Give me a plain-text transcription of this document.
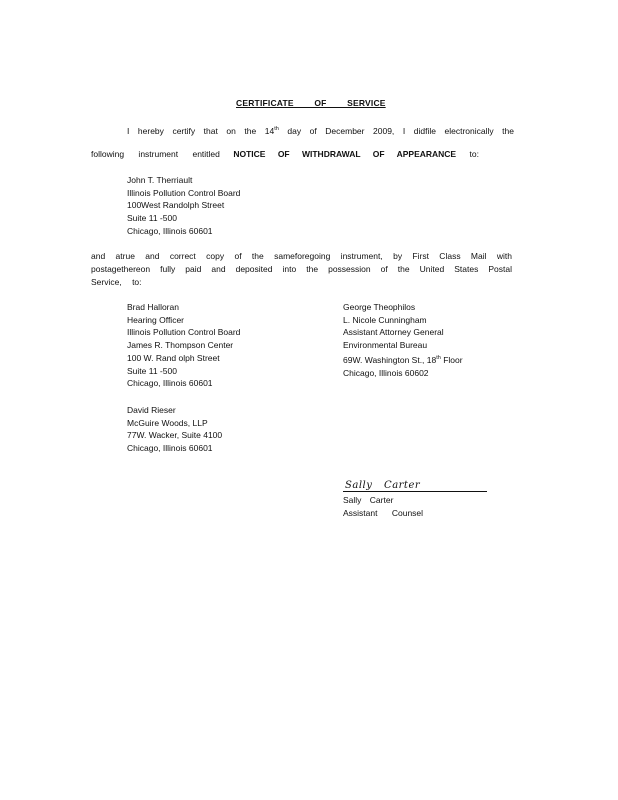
CERTIFICATE OF SERVICE
I hereby certify that on the 14th day of December 2009, I didfile electronically the
following instrument entitled NOTICE OF WITHDRAWAL OF APPEARANCE to:
John T. Therriault
Illinois Pollution Control Board
100West Randolph Street
Suite 11 -500
Chicago, Illinois 60601
and atrue and correct copy of the sameforegoing instrument, by First Class Mail with
postagethereon fully paid and deposited into the possession of the United States Postal
Service, to:
Brad Halloran
Hearing Officer
Illinois Pollution Control Board
James R. Thompson Center
100 W. Rand olph Street
Suite 11 -500
Chicago, Illinois 60601
George Theophilos
L. Nicole Cunningham
Assistant Attorney General
Environmental Bureau
69W. Washington St., 18th Floor
Chicago, Illinois 60602
David Rieser
McGuire Woods, LLP
77W. Wacker, Suite 4100
Chicago, Illinois 60601
Sally Carter
Sally Carter
Assistant Counsel
